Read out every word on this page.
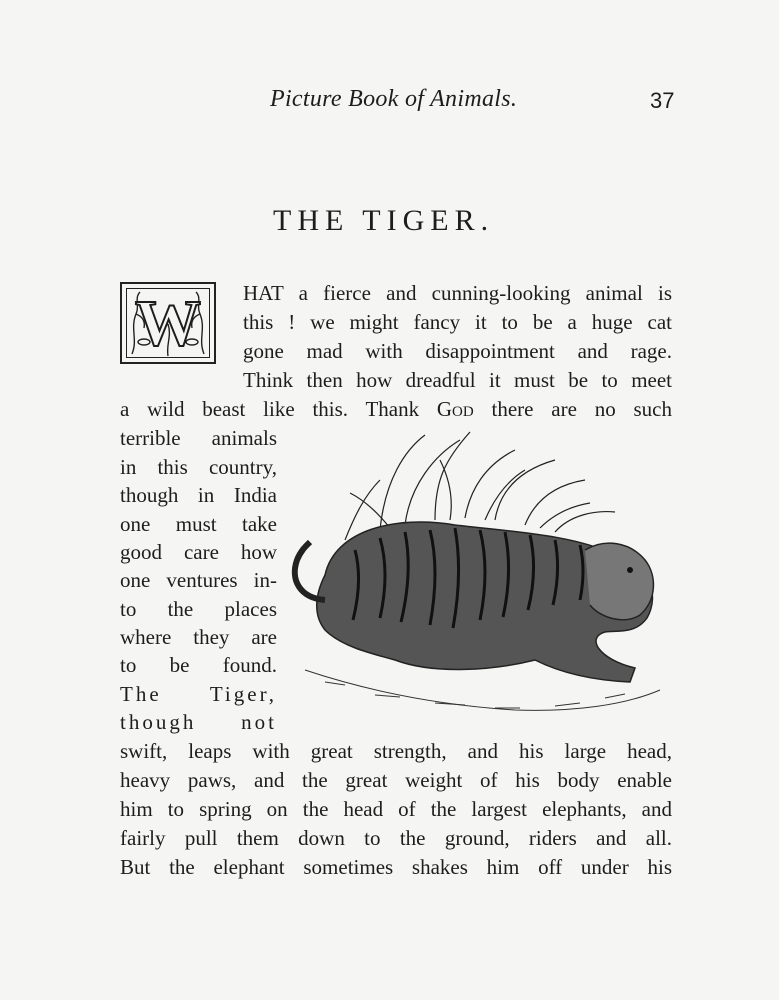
Picture Book of Animals.	37
THE TIGER.
W	HAT a fierce and cunning-looking animal is
this ! we might fancy it to be a huge cat
gone mad with disappointment and rage.
Think then how dreadful it must be to meet
a wild beast like this. Thank God there are no such
terrible animals
in this country,
though in India
one must take
good care how
one ventures in-
to the places
where they are
to be found.
The Tiger,
though not
swift, leaps with great strength, and his large head,
heavy paws, and the great weight of his body enable
him to spring on the head of the largest elephants, and
fairly pull them down to the ground, riders and all.
But the elephant sometimes shakes him off under his
